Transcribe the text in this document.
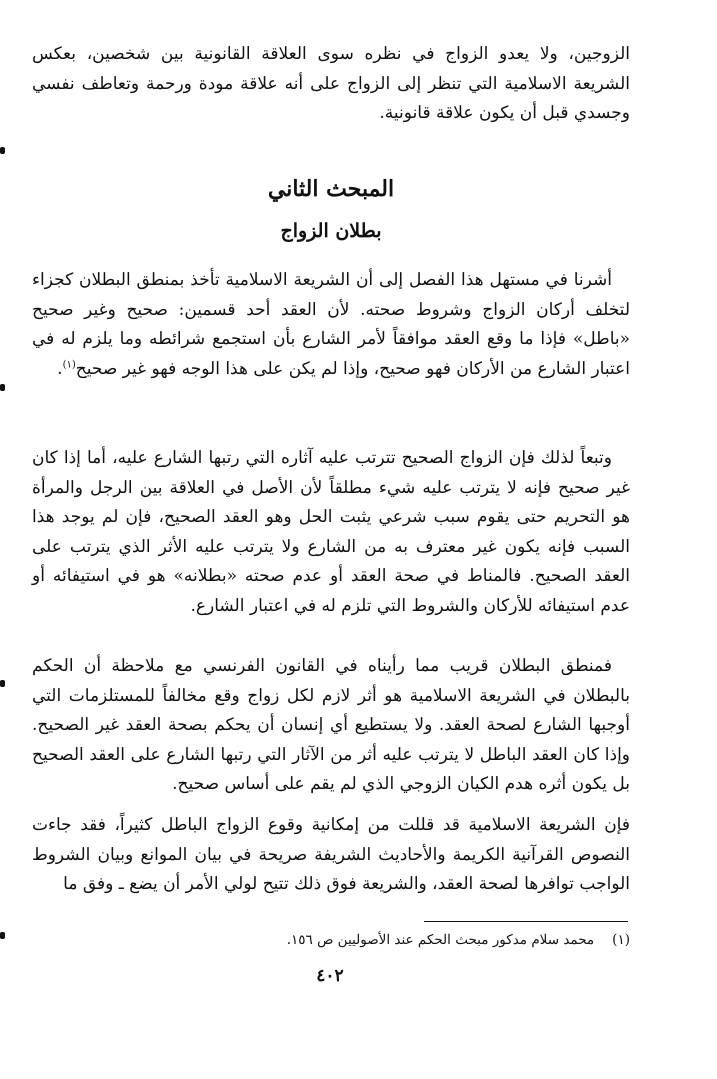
الزوجين، ولا يعدو الزواج في نظره سوى العلاقة القانونية بين شخصين، بعكس الشريعة الاسلامية التي تنظر إلى الزواج على أنه علاقة مودة ورحمة وتعاطف نفسي وجسدي قبل أن يكون علاقة قانونية.

المبحث الثاني
بطلان الزواج

أشرنا في مستهل هذا الفصل إلى أن الشريعة الاسلامية تأخذ بمنطق البطلان كجزاء لتخلف أركان الزواج وشروط صحته. لأن العقد أحد قسمين: صحيح وغير صحيح «باطل» فإذا ما وقع العقد موافقاً لأمر الشارع بأن استجمع شرائطه وما يلزم له في اعتبار الشارع من الأركان فهو صحيح، وإذا لم يكن على هذا الوجه فهو غير صحيح$^{(١)}$.

وتبعاً لذلك فإن الزواج الصحيح تترتب عليه آثاره التي رتبها الشارع عليه، أما إذا كان غير صحيح فإنه لا يترتب عليه شيء مطلقاً لأن الأصل في العلاقة بين الرجل والمرأة هو التحريم حتى يقوم سبب شرعي يثبت الحل وهو العقد الصحيح، فإن لم يوجد هذا السبب فإنه يكون غير معترف به من الشارع ولا يترتب عليه الأثر الذي يترتب على العقد الصحيح. فالمناط في صحة العقد أو عدم صحته «بطلانه» هو في استيفائه أو عدم استيفائه للأركان والشروط التي تلزم له في اعتبار الشارع.

فمنطق البطلان قريب مما رأيناه في القانون الفرنسي مع ملاحظة أن الحكم بالبطلان في الشريعة الاسلامية هو أثر لازم لكل زواج وقع مخالفاً للمستلزمات التي أوجبها الشارع لصحة العقد. ولا يستطيع أي إنسان أن يحكم بصحة العقد غير الصحيح. وإذا كان العقد الباطل لا يترتب عليه أثر من الآثار التي رتبها الشارع على العقد الصحيح بل يكون أثره هدم الكيان الزوجي الذي لم يقم على أساس صحيح.

فإن الشريعة الاسلامية قد قللت من إمكانية وقوع الزواج الباطل كثيراً، فقد جاءت النصوص القرآنية الكريمة والأحاديث الشريفة صريحة في بيان الموانع وبيان الشروط الواجب توافرها لصحة العقد، والشريعة فوق ذلك تتيح لولي الأمر أن يضع ـ وفق ما

(١)محمد سلام مدكور مبحث الحكم عند الأصوليين ص ١٥٦.
٤٠٢
